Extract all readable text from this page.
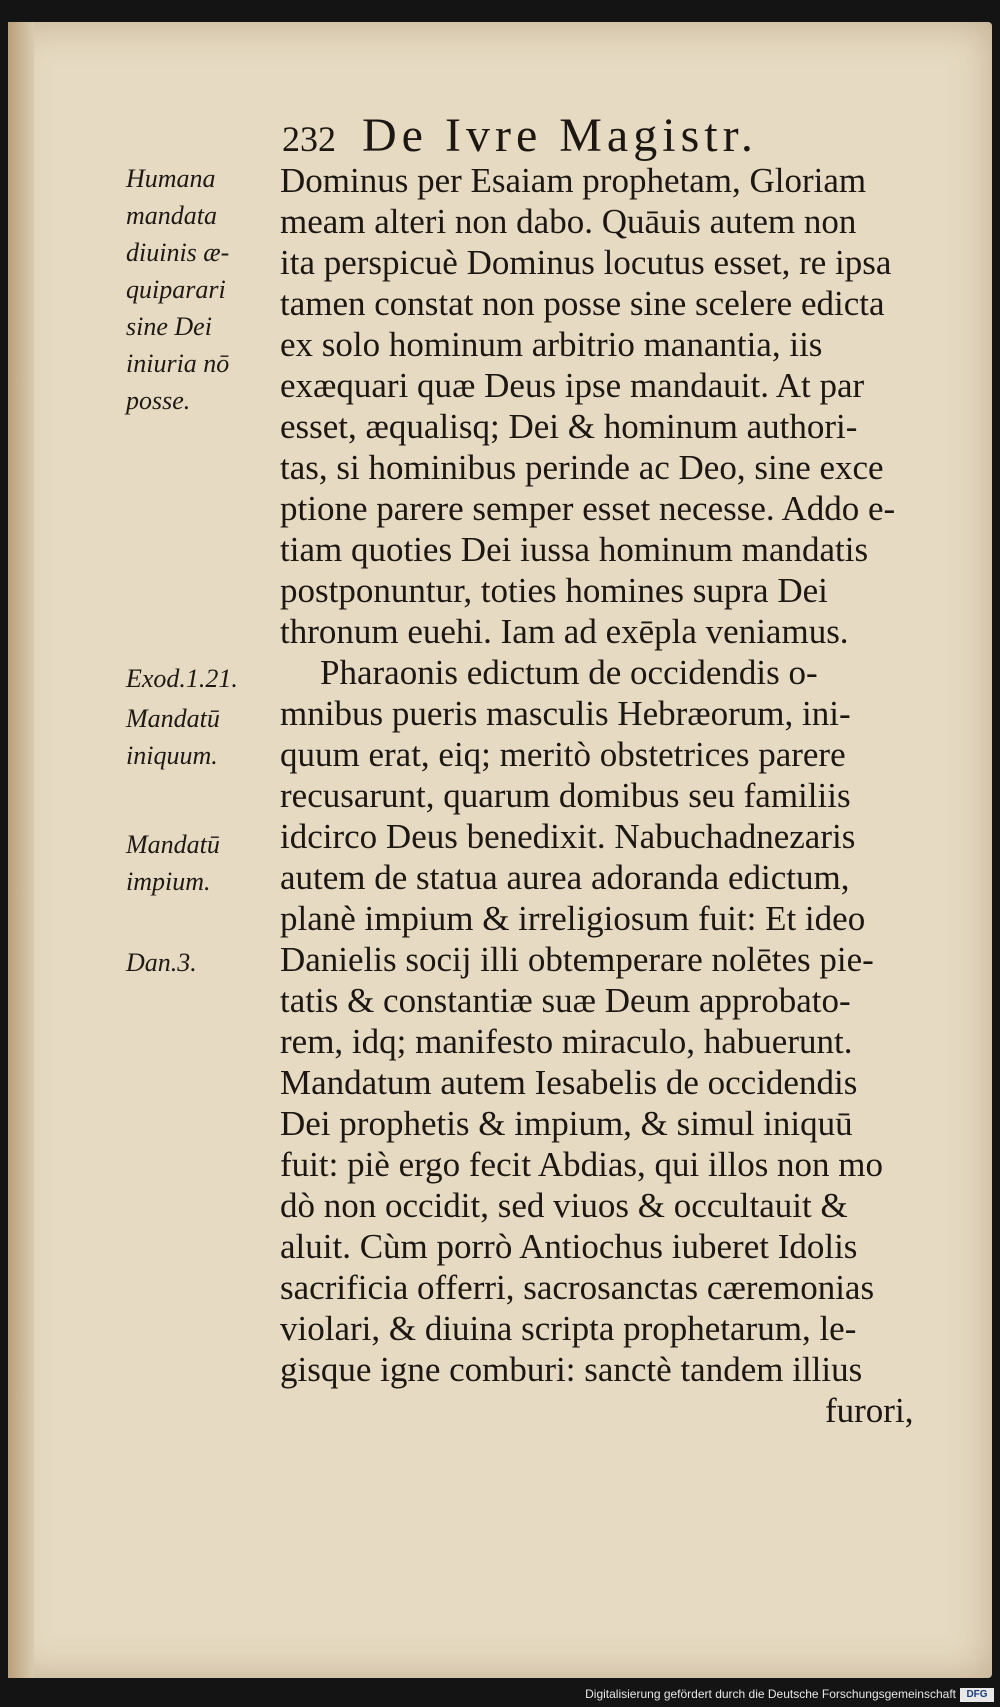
232 De Ivre Magistr.
Humana mandata diuinis æ- quiparari sine Dei iniuria nō posse.
Exod.1.21.
Mandatū iniquum.
Mandatū impium.
Dan.3.
Dominus per Esaiam prophetam, Gloriam
meam alteri non dabo. Quāuis autem non
ita perspicuè Dominus locutus esset, re ipsa
tamen constat non posse sine scelere edicta
ex solo hominum arbitrio manantia, iis
exæquari quæ Deus ipse mandauit. At par
esset, æqualisq; Dei & hominum authori-
tas, si hominibus perinde ac Deo, sine exce
ptione parere semper esset necesse. Addo e-
tiam quoties Dei iussa hominum mandatis
postponuntur, toties homines supra Dei
thronum euehi. Iam ad exēpla veniamus.
Pharaonis edictum de occidendis o-
mnibus pueris masculis Hebræorum, ini-
quum erat, eiq; meritò obstetrices parere
recusarunt, quarum domibus seu familiis
idcirco Deus benedixit. Nabuchadnezaris
autem de statua aurea adoranda edictum,
planè impium & irreligiosum fuit: Et ideo
Danielis socij illi obtemperare nolētes pie-
tatis & constantiæ suæ Deum approbato-
rem, idq; manifesto miraculo, habuerunt.
Mandatum autem Iesabelis de occidendis
Dei prophetis & impium, & simul iniquū
fuit: piè ergo fecit Abdias, qui illos non mo
dò non occidit, sed viuos & occultauit &
aluit. Cùm porrò Antiochus iuberet Idolis
sacrificia offerri, sacrosanctas cæremonias
violari, & diuina scripta prophetarum, le-
gisque igne comburi: sanctè tandem illius
furori,
Digitalisierung gefördert durch die Deutsche Forschungsgemeinschaft	DFG
